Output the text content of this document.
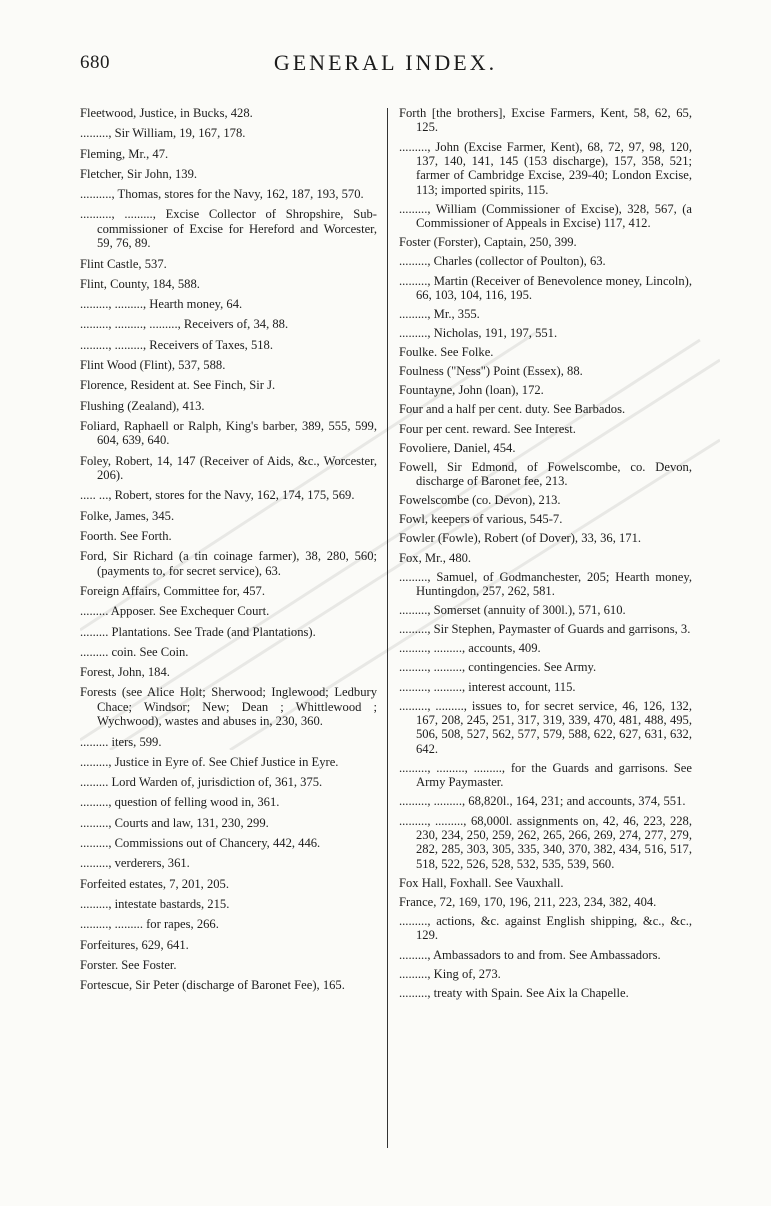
680	GENERAL INDEX.
Fleetwood, Justice, in Bucks, 428.
........., Sir William, 19, 167, 178.
Fleming, Mr., 47.
Fletcher, Sir John, 139.
.........., Thomas, stores for the Navy, 162, 187, 193, 570.
.........., ........., Excise Collector of Shropshire, Sub-commissioner of Excise for Hereford and Worcester, 59, 76, 89.
Flint Castle, 537.
Flint, County, 184, 588.
........., ........., Hearth money, 64.
........., ........., ........., Receivers of, 34, 88.
........., ........., Receivers of Taxes, 518.
Flint Wood (Flint), 537, 588.
Florence, Resident at. See Finch, Sir J.
Flushing (Zealand), 413.
Foliard, Raphaell or Ralph, King's barber, 389, 555, 599, 604, 639, 640.
Foley, Robert, 14, 147 (Receiver of Aids, &c., Worcester, 206).
..... ..., Robert, stores for the Navy, 162, 174, 175, 569.
Folke, James, 345.
Foorth. See Forth.
Ford, Sir Richard (a tin coinage farmer), 38, 280, 560; (payments to, for secret service), 63.
Foreign Affairs, Committee for, 457.
......... Apposer. See Exchequer Court.
......... Plantations. See Trade (and Plantations).
......... coin. See Coin.
Forest, John, 184.
Forests (see Alice Holt; Sherwood; Inglewood; Ledbury Chace; Windsor; New; Dean ; Whittlewood ; Wychwood), wastes and abuses in, 230, 360.
......... iters, 599.
........., Justice in Eyre of. See Chief Justice in Eyre.
......... Lord Warden of, jurisdiction of, 361, 375.
........., question of felling wood in, 361.
........., Courts and law, 131, 230, 299.
........., Commissions out of Chancery, 442, 446.
........., verderers, 361.
Forfeited estates, 7, 201, 205.
........., intestate bastards, 215.
........., ......... for rapes, 266.
Forfeitures, 629, 641.
Forster. See Foster.
Fortescue, Sir Peter (discharge of Baronet Fee), 165.
Forth [the brothers], Excise Farmers, Kent, 58, 62, 65, 125.
........., John (Excise Farmer, Kent), 68, 72, 97, 98, 120, 137, 140, 141, 145 (153 discharge), 157, 358, 521; farmer of Cambridge Excise, 239-40; London Excise, 113; imported spirits, 115.
........., William (Commissioner of Excise), 328, 567, (a Commissioner of Appeals in Excise) 117, 412.
Foster (Forster), Captain, 250, 399.
........., Charles (collector of Poulton), 63.
........., Martin (Receiver of Benevolence money, Lincoln), 66, 103, 104, 116, 195.
........., Mr., 355.
........., Nicholas, 191, 197, 551.
Foulke. See Folke.
Foulness ("Ness") Point (Essex), 88.
Fountayne, John (loan), 172.
Four and a half per cent. duty. See Barbados.
Four per cent. reward. See Interest.
Fovoliere, Daniel, 454.
Fowell, Sir Edmond, of Fowelscombe, co. Devon, discharge of Baronet fee, 213.
Fowelscombe (co. Devon), 213.
Fowl, keepers of various, 545-7.
Fowler (Fowle), Robert (of Dover), 33, 36, 171.
Fox, Mr., 480.
........., Samuel, of Godmanchester, 205; Hearth money, Huntingdon, 257, 262, 581.
........., Somerset (annuity of 300l.), 571, 610.
........., Sir Stephen, Paymaster of Guards and garrisons, 3.
........., ........., accounts, 409.
........., ........., contingencies. See Army.
........., ........., interest account, 115.
........., ........., issues to, for secret service, 46, 126, 132, 167, 208, 245, 251, 317, 319, 339, 470, 481, 488, 495, 506, 508, 527, 562, 577, 579, 588, 622, 627, 631, 632, 642.
........., ........., ........., for the Guards and garrisons. See Army Paymaster.
........., ........., 68,820l., 164, 231; and accounts, 374, 551.
........., ........., 68,000l. assignments on, 42, 46, 223, 228, 230, 234, 250, 259, 262, 265, 266, 269, 274, 277, 279, 282, 285, 303, 305, 335, 340, 370, 382, 434, 516, 517, 518, 522, 526, 528, 532, 535, 539, 560.
Fox Hall, Foxhall. See Vauxhall.
France, 72, 169, 170, 196, 211, 223, 234, 382, 404.
........., actions, &c. against English shipping, &c., &c., 129.
........., Ambassadors to and from. See Ambassadors.
........., King of, 273.
........., treaty with Spain. See Aix la Chapelle.
